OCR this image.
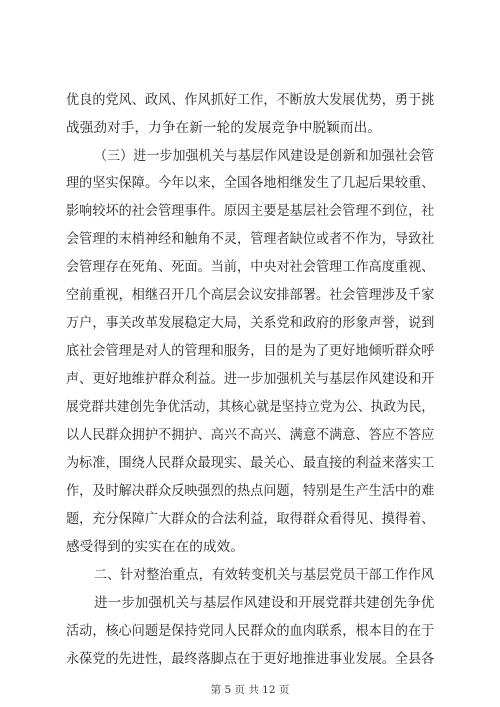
优良的党风、政风、作风抓好工作，不断放大发展优势，勇于挑
战强劲对手，力争在新一轮的发展竞争中脱颖而出。
（三）进一步加强机关与基层作风建设是创新和加强社会管
理的坚实保障。今年以来，全国各地相继发生了几起后果较重、
影响较坏的社会管理事件。原因主要是基层社会管理不到位，社
会管理的末梢神经和触角不灵，管理者缺位或者不作为，导致社
会管理存在死角、死面。当前，中央对社会管理工作高度重视、
空前重视，相继召开几个高层会议安排部署。社会管理涉及千家
万户，事关改革发展稳定大局，关系党和政府的形象声誉，说到
底社会管理是对人的管理和服务，目的是为了更好地倾听群众呼
声、更好地维护群众利益。进一步加强机关与基层作风建设和开
展党群共建创先争优活动，其核心就是坚持立党为公、执政为民，
以人民群众拥护不拥护、高兴不高兴、满意不满意、答应不答应
为标准，围绕人民群众最现实、最关心、最直接的利益来落实工
作，及时解决群众反映强烈的热点问题，特别是生产生活中的难
题，充分保障广大群众的合法利益，取得群众看得见、摸得着、
感受得到的实实在在的成效。
二、针对整治重点，有效转变机关与基层党员干部工作作风
进一步加强机关与基层作风建设和开展党群共建创先争优
活动，核心问题是保持党同人民群众的血肉联系，根本目的在于
永葆党的先进性，最终落脚点在于更好地推进事业发展。全县各
第 5 页 共 12 页
